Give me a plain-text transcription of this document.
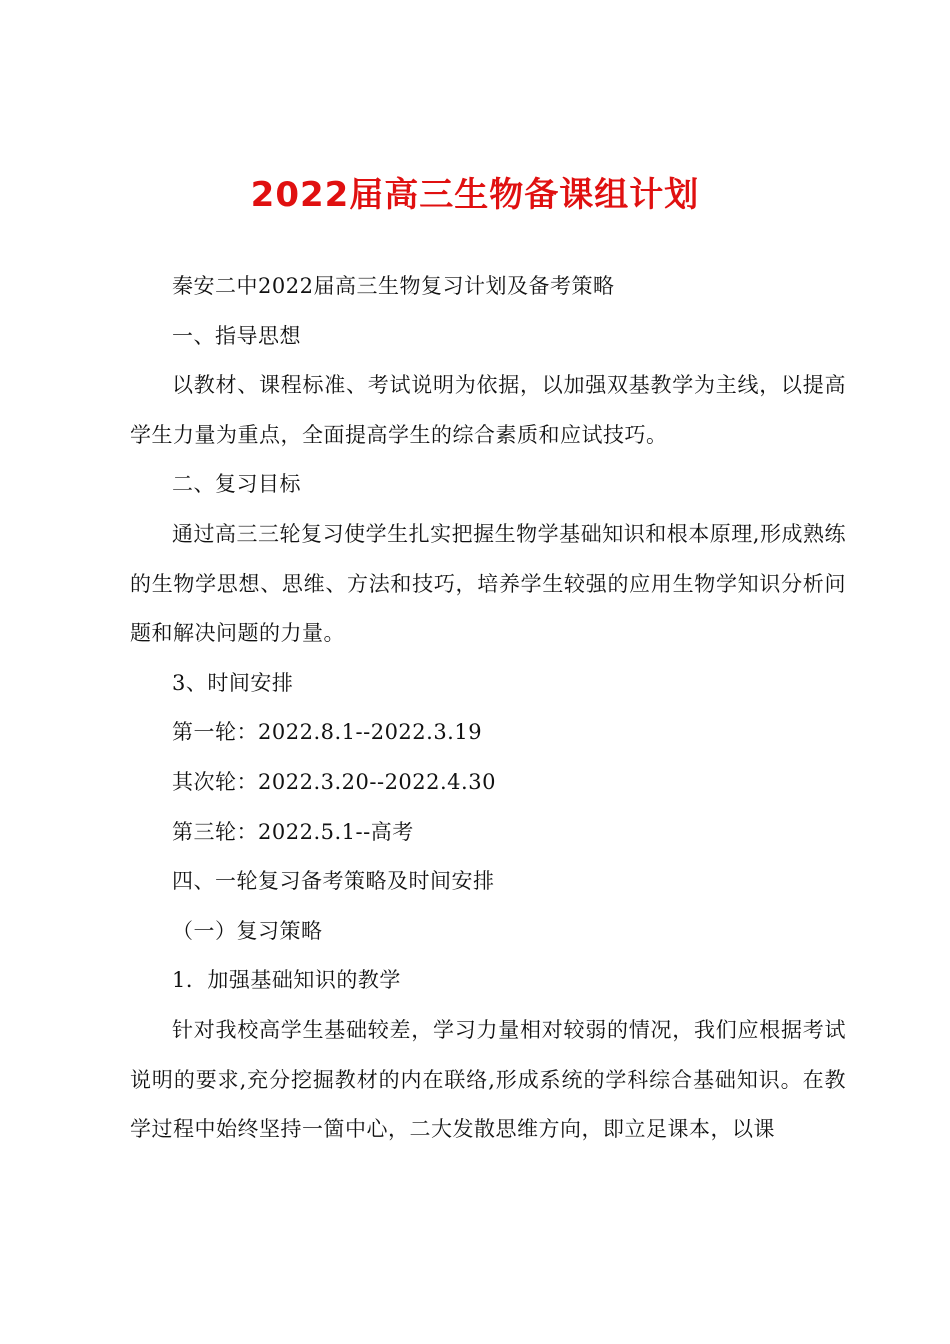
2022届高三生物备课组计划

秦安二中2022届高三生物复习计划及备考策略

一、指导思想

以教材、课程标准、考试说明为依据，以加强双基教学为主线，以提高学生力量为重点，全面提高学生的综合素质和应试技巧。

二、复习目标

通过高三三轮复习使学生扎实把握生物学基础知识和根本原理,形成熟练的生物学思想、思维、方法和技巧，培养学生较强的应用生物学知识分析问题和解决问题的力量。

3、时间安排

第一轮：2022.8.1--2022.3.19

其次轮：2022.3.20--2022.4.30

第三轮：2022.5.1--高考

四、一轮复习备考策略及时间安排

（一）复习策略

1．加强基础知识的教学

针对我校高学生基础较差，学习力量相对较弱的情况，我们应根据考试说明的要求,充分挖掘教材的内在联络,形成系统的学科综合基础知识。在教学过程中始终坚持一箇中心，二大发散思维方向，即立足课本，以课
